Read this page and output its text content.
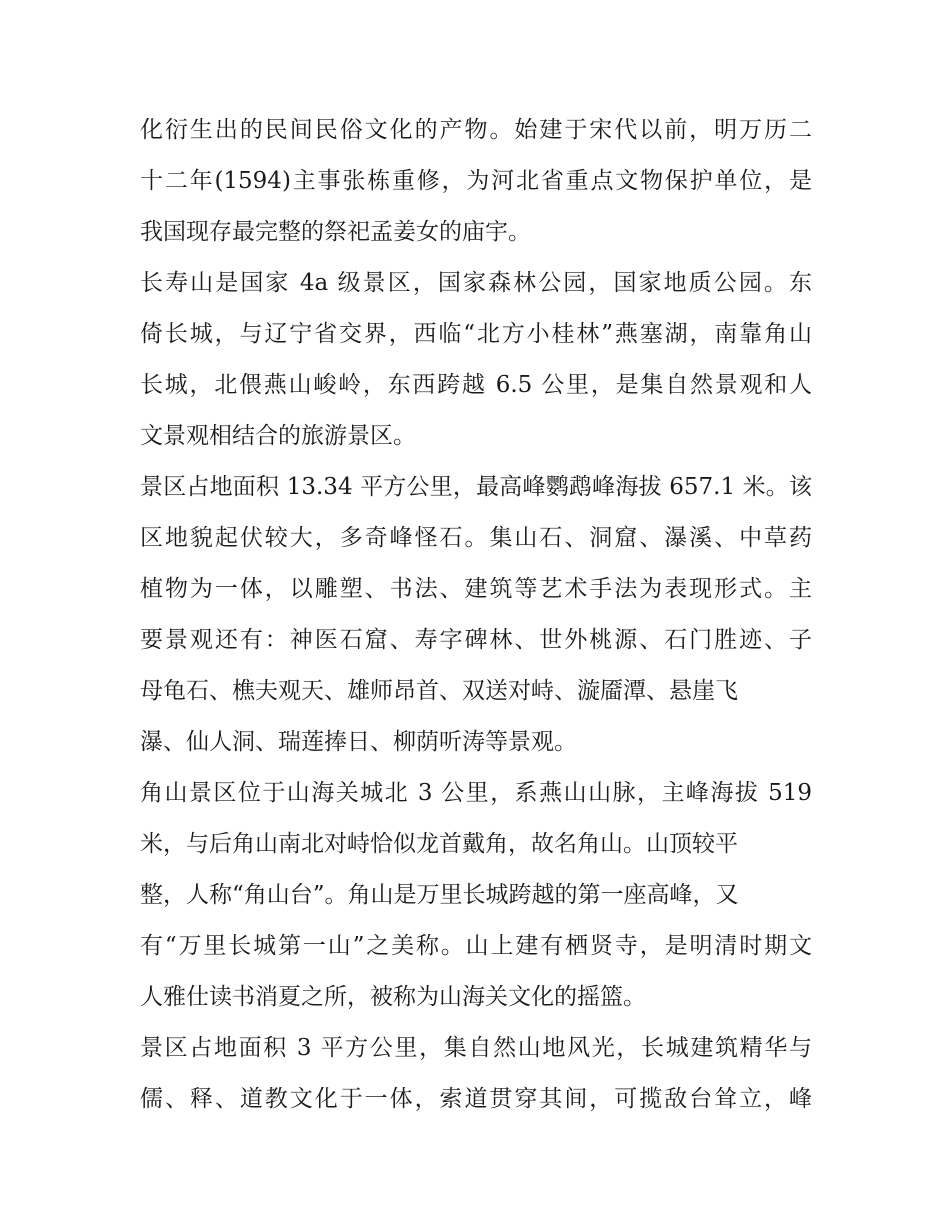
化衍生出的民间民俗文化的产物。始建于宋代以前，明万历二
十二年(1594)主事张栋重修，为河北省重点文物保护单位，是
我国现存最完整的祭祀孟姜女的庙宇。
长寿山是国家 4a 级景区，国家森林公园，国家地质公园。东
倚长城，与辽宁省交界，西临“北方小桂林”燕塞湖，南靠角山
长城，北偎燕山峻岭，东西跨越 6.5 公里，是集自然景观和人
文景观相结合的旅游景区。
景区占地面积 13.34 平方公里，最高峰鹦鹉峰海拔 657.1 米。该
区地貌起伏较大，多奇峰怪石。集山石、洞窟、瀑溪、中草药
植物为一体，以雕塑、书法、建筑等艺术手法为表现形式。主
要景观还有：神医石窟、寿字碑林、世外桃源、石门胜迹、子
母龟石、樵夫观天、雄师昂首、双送对峙、漩靥潭、悬崖飞
瀑、仙人洞、瑞莲捧日、柳荫听涛等景观。
角山景区位于山海关城北 3 公里，系燕山山脉，主峰海拔 519
米，与后角山南北对峙恰似龙首戴角，故名角山。山顶较平
整，人称“角山台”。角山是万里长城跨越的第一座高峰，又
有“万里长城第一山”之美称。山上建有栖贤寺，是明清时期文
人雅仕读书消夏之所，被称为山海关文化的摇篮。
景区占地面积 3 平方公里，集自然山地风光，长城建筑精华与
儒、释、道教文化于一体，索道贯穿其间，可揽敌台耸立，峰
